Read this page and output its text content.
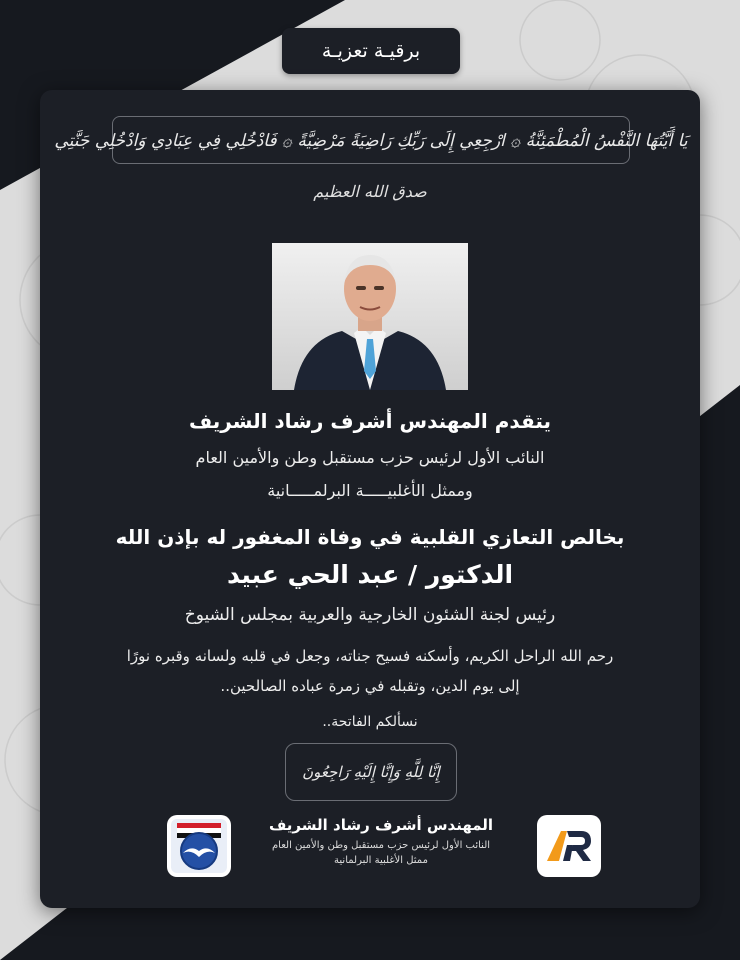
برقيـة تعزيـة
يَا أَيَّتُهَا النَّفْسُ الْمُطْمَئِنَّةُ ۞ ارْجِعِي إِلَى رَبِّكِ رَاضِيَةً مَرْضِيَّةً ۞ فَادْخُلِي فِي عِبَادِي وَادْخُلِي جَنَّتِي
صدق الله العظيم
يتقدم المهندس أشرف رشاد الشريف
النائب الأول لرئيس حزب مستقبل وطن والأمين العام
وممثل الأغلبيـــــة البرلمـــــانية
بخالص التعازي القلبية في وفاة المغفور له بإذن الله
الدكتور / عبد الحي عبيد
رئيس لجنة الشئون الخارجية والعربية بمجلس الشيوخ
رحم الله الراحل الكريم، وأسكنه فسيح جناته، وجعل في قلبه ولسانه وقبره نورًا
إلى يوم الدين، وتقبله في زمرة عباده الصالحين..
نسألكم الفاتحة..
إِنَّا لِلَّهِ وَإِنَّا إِلَيْهِ رَاجِعُونَ
المهندس أشرف رشاد الشريف
النائب الأول لرئيس حزب مستقبل وطن والأمين العام
ممثل الأغلبية البرلمانية
